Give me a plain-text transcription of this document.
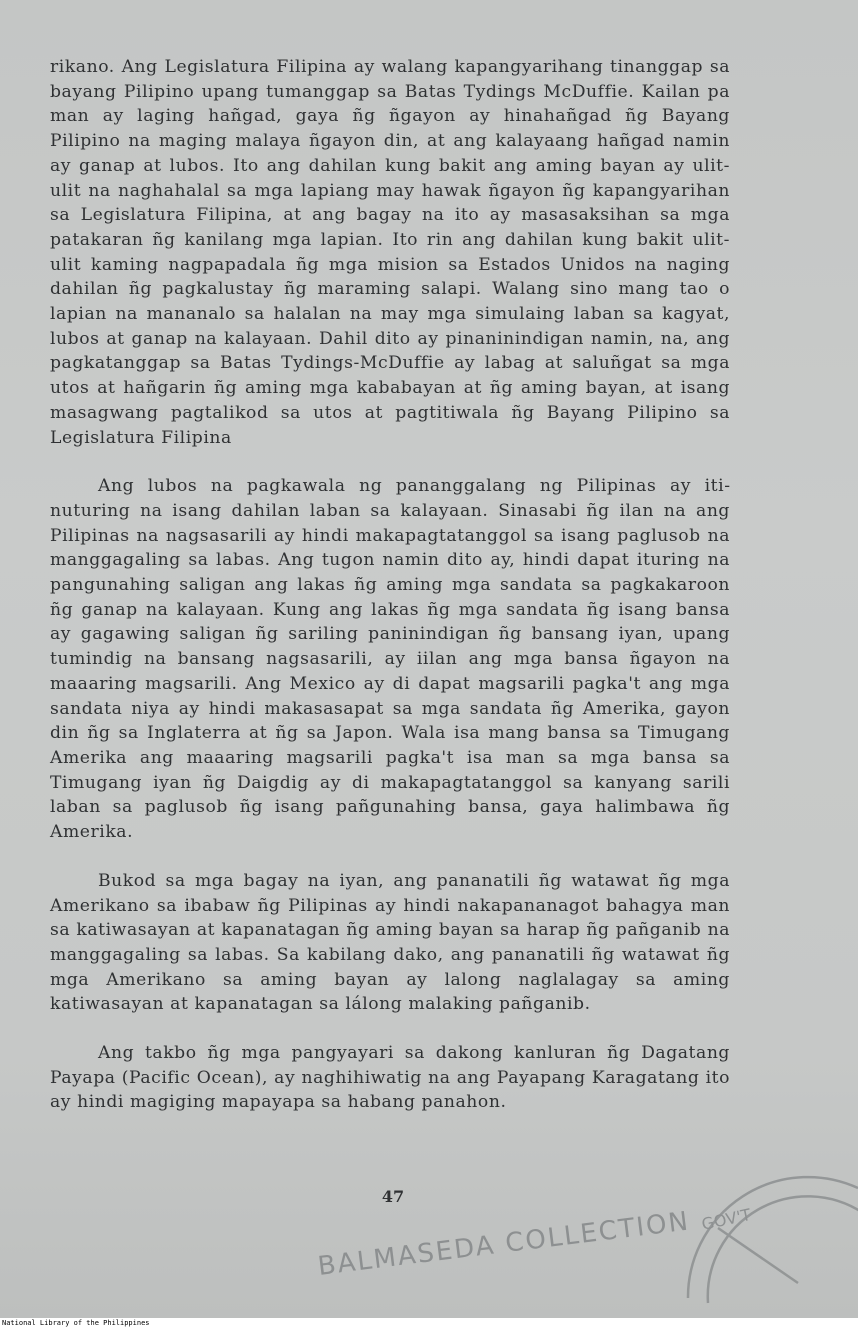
rikano. Ang Legislatura Filipina ay walang kapangyarihang tinanggap sa bayang Pilipino upang tumanggap sa Batas Tydings McDuffie. Kailan pa man ay laging hañgad, gaya ñg ñgayon ay hinahañgad ñg Bayang Pilipino na maging malaya ñgayon din, at ang kalayaang hañgad namin ay ganap at lubos. Ito ang dahilan kung bakit ang aming bayan ay ulit-ulit na naghahalal sa mga lapiang may hawak ñgayon ñg kapangyarihan sa Legislatura Filipina, at ang bagay na ito ay masasaksihan sa mga patakaran ñg kanilang mga lapian. Ito rin ang dahilan kung bakit ulit-ulit kaming nagpapadala ñg mga mision sa Estados Unidos na naging dahilan ñg pagkalustay ñg maraming salapi. Walang sino mang tao o lapian na mananalo sa halalan na may mga simulaing laban sa kagyat, lubos at ganap na kalayaan. Dahil dito ay pinaninindigan namin, na, ang pagkatanggap sa Batas Tydings-McDuffie ay labag at saluñgat sa mga utos at hañgarin ñg aming mga kababayan at ñg aming bayan, at isang masagwang pagtalikod sa utos at pagtitiwala ñg Bayang Pilipino sa Legislatura Filipina

Ang lubos na pagkawala ng pananggalang ng Pilipinas ay itinuturing na isang dahilan laban sa kalayaan. Sinasabi ñg ilan na ang Pilipinas na nagsasarili ay hindi makapagtatanggol sa isang paglusob na manggagaling sa labas. Ang tugon namin dito ay, hindi dapat ituring na pangunahing saligan ang lakas ñg aming mga sandata sa pagkakaroon ñg ganap na kalayaan. Kung ang lakas ñg mga sandata ñg isang bansa ay gagawing saligan ñg sariling paninindigan ñg bansang iyan, upang tumindig na bansang nagsasarili, ay iilan ang mga bansa ñgayon na maaaring magsarili. Ang Mexico ay di dapat magsarili pagka't ang mga sandata niya ay hindi makasasapat sa mga sandata ñg Amerika, gayon din ñg sa Inglaterra at ñg sa Japon. Wala isa mang bansa sa Timugang Amerika ang maaaring magsarili pagka't isa man sa mga bansa sa Timugang iyan ñg Daigdig ay di makapagtatanggol sa kanyang sarili laban sa paglusob ñg isang pañgunahing bansa, gaya halimbawa ñg Amerika.

Bukod sa mga bagay na iyan, ang pananatili ñg watawat ñg mga Amerikano sa ibabaw ñg Pilipinas ay hindi nakapananagot bahagya man sa katiwasayan at kapanatagan ñg aming bayan sa harap ñg pañganib na manggagaling sa labas. Sa kabilang dako, ang pananatili ñg watawat ñg mga Amerikano sa aming bayan ay lalong naglalagay sa aming katiwasayan at kapanatagan sa lálong malaking pañganib.

Ang takbo ñg mga pangyayari sa dakong kanluran ñg Dagatang Payapa (Pacific Ocean), ay naghihiwatig na ang Payapang Karagatang ito ay hindi magiging mapayapa sa habang panahon.

47
BALMASEDA COLLECTION GOV'T
National Library of the Philippines
